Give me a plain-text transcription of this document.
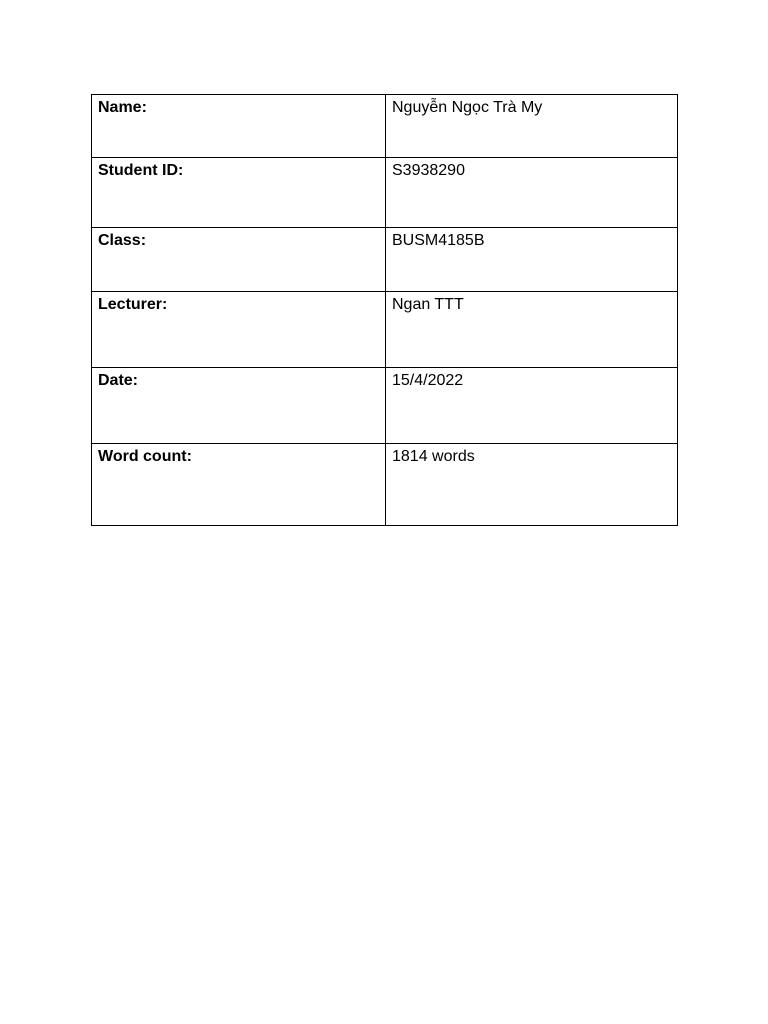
Name:	Nguyễn Ngọc Trà My
Student ID:	S3938290
Class:	BUSM4185B
Lecturer:	Ngan TTT
Date:	15/4/2022
Word count:	1814 words
